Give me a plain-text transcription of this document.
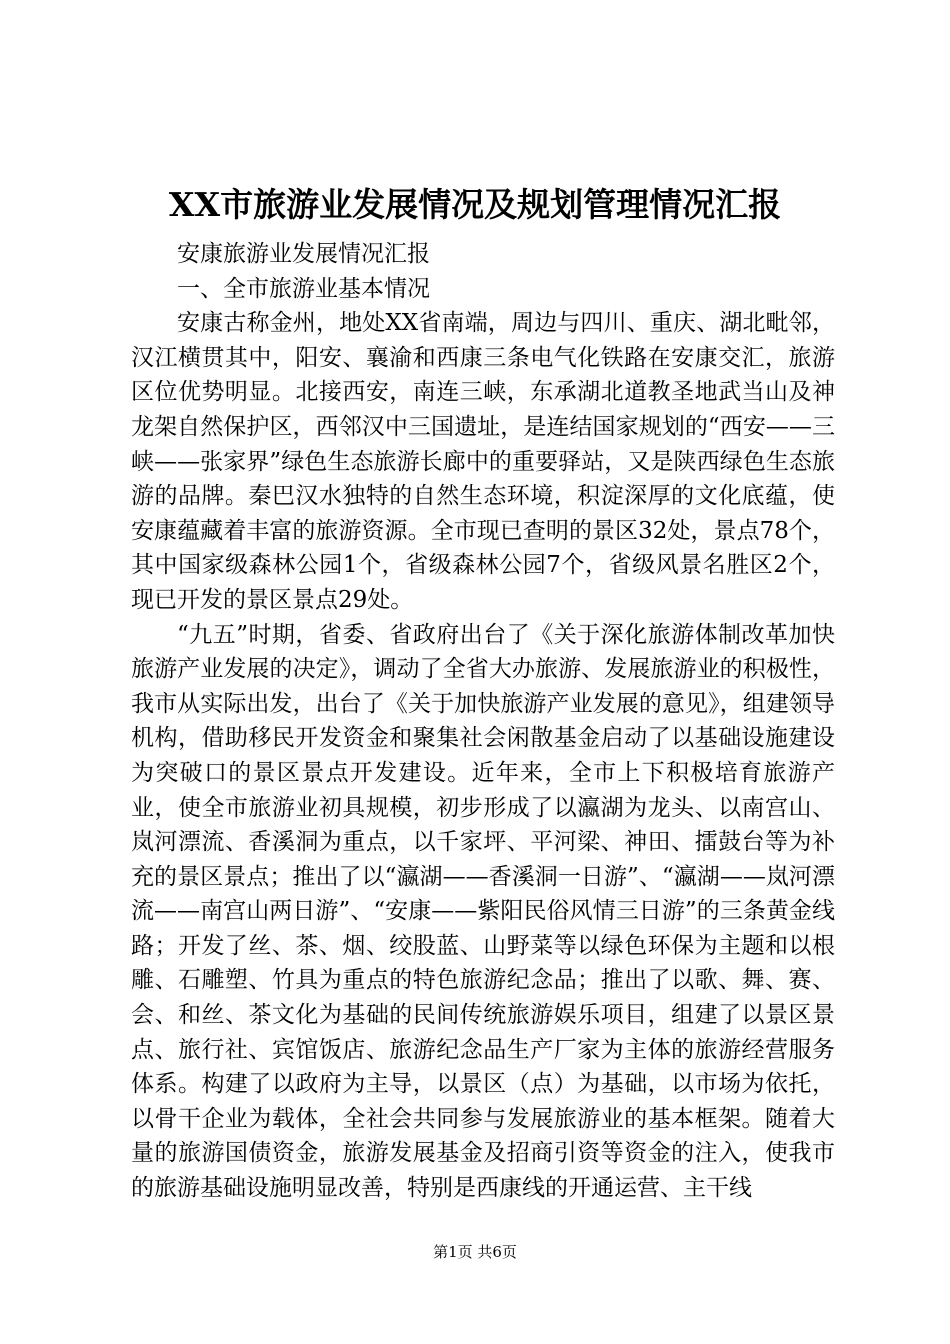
XX市旅游业发展情况及规划管理情况汇报

安康旅游业发展情况汇报

一、全市旅游业基本情况

安康古称金州，地处XX省南端，周边与四川、重庆、湖北毗邻，汉江横贯其中，阳安、襄渝和西康三条电气化铁路在安康交汇，旅游区位优势明显。北接西安，南连三峡，东承湖北道教圣地武当山及神龙架自然保护区，西邻汉中三国遗址，是连结国家规划的“西安——三峡——张家界”绿色生态旅游长廊中的重要驿站，又是陕西绿色生态旅游的品牌。秦巴汉水独特的自然生态环境，积淀深厚的文化底蕴，使安康蕴藏着丰富的旅游资源。全市现已查明的景区32处，景点78个，其中国家级森林公园1个，省级森林公园7个，省级风景名胜区2个，现已开发的景区景点29处。

“九五”时期，省委、省政府出台了《关于深化旅游体制改革加快旅游产业发展的决定》，调动了全省大办旅游、发展旅游业的积极性，我市从实际出发，出台了《关于加快旅游产业发展的意见》，组建领导机构，借助移民开发资金和聚集社会闲散基金启动了以基础设施建设为突破口的景区景点开发建设。近年来，全市上下积极培育旅游产业，使全市旅游业初具规模，初步形成了以瀛湖为龙头、以南宫山、岚河漂流、香溪洞为重点，以千家坪、平河梁、神田、擂鼓台等为补充的景区景点；推出了以“瀛湖——香溪洞一日游”、“瀛湖——岚河漂流——南宫山两日游”、“安康——紫阳民俗风情三日游”的三条黄金线路；开发了丝、茶、烟、绞股蓝、山野菜等以绿色环保为主题和以根雕、石雕塑、竹具为重点的特色旅游纪念品；推出了以歌、舞、赛、会、和丝、茶文化为基础的民间传统旅游娱乐项目，组建了以景区景点、旅行社、宾馆饭店、旅游纪念品生产厂家为主体的旅游经营服务体系。构建了以政府为主导，以景区（点）为基础，以市场为依托，以骨干企业为载体，全社会共同参与发展旅游业的基本框架。随着大量的旅游国债资金，旅游发展基金及招商引资等资金的注入，使我市的旅游基础设施明显改善，特别是西康线的开通运营、主干线

第1页 共6页
